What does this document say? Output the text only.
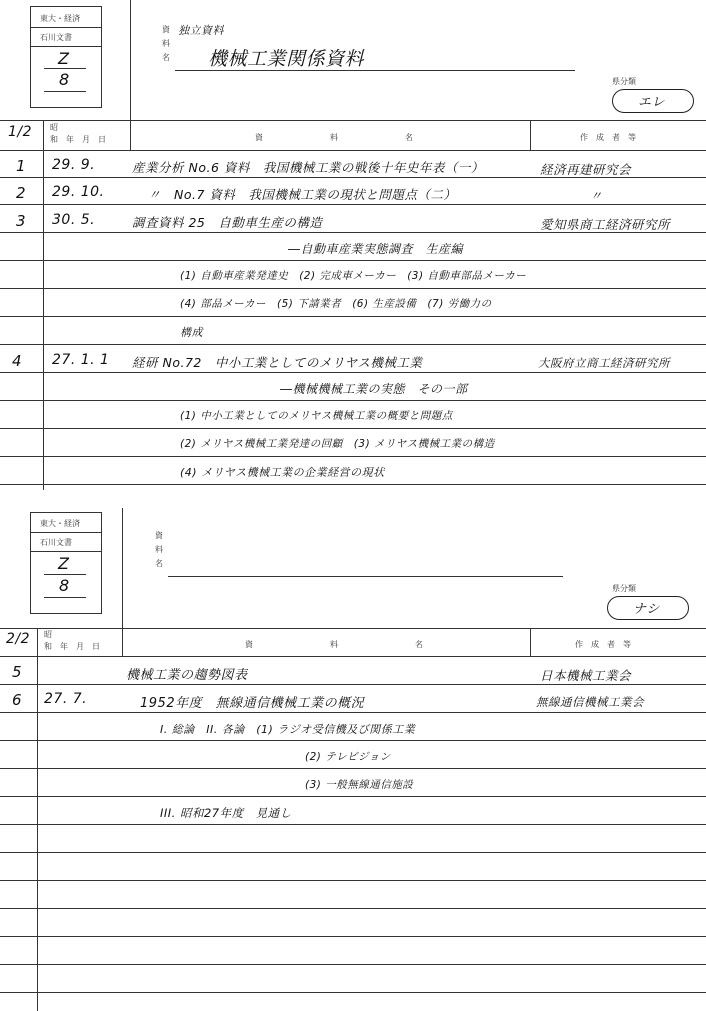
東大・経済
石川文書
Z
8
資
料
名
独立資料
機械工業関係資料
県分類
エレ
1/2 昭
和　年　月　日	資	料	名	作　成　者　等
1 29. 9.	産業分析 No.6 資料　我国機械工業の戦後十年史年表（一）	経済再建研究会
2 29. 10.	〃　No.7 資料　我国機械工業の現状と問題点（二）	〃
3 30. 5.	調査資料 25　自動車生産の構造	愛知県商工経済研究所
―自動車産業実態調査　生産編
(1) 自動車産業発達史　(2) 完成車メーカー　(3) 自動車部品メーカー
(4) 部品メーカー　(5) 下請業者　(6) 生産設備　(7) 労働力の
構成
4 27. 1. 1 経研 No.72　中小工業としてのメリヤス機械工業	大阪府立商工経済研究所
―機械機械工業の実態　その一部
(1) 中小工業としてのメリヤス機械工業の概要と問題点
(2) メリヤス機械工業発達の回顧　(3) メリヤス機械工業の構造
(4) メリヤス機械工業の企業経営の現状
東大・経済
石川文書
Z
8
資
料
名
県分類
ナシ
2/2 昭
和　年　月　日	資	料	名	作　成　者　等
5	機械工業の趨勢図表	日本機械工業会
6 27. 7.	1952年度　無線通信機械工業の概況	無線通信機械工業会
I. 総論　II. 各論　(1) ラジオ受信機及び関係工業
(2) テレビジョン
(3) 一般無線通信施設
III. 昭和27年度　見通し
